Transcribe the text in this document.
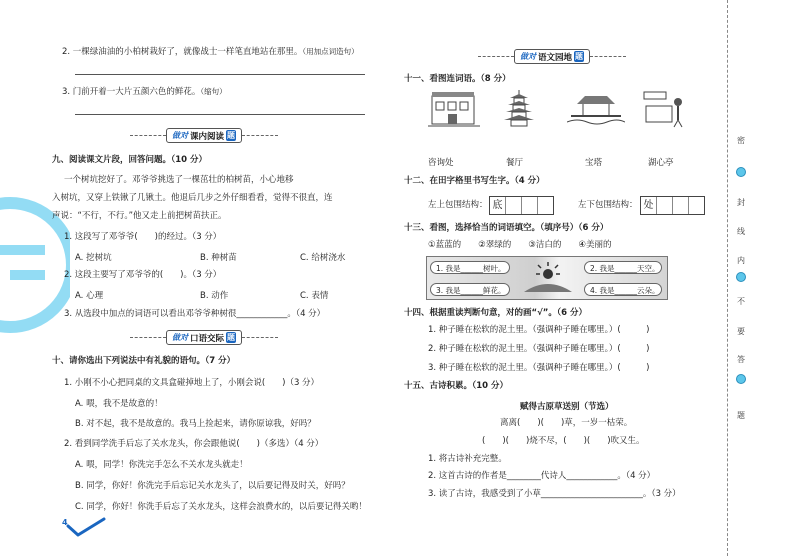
2. 一棵绿油油的小柏树栽好了，就像战士一样笔直地站在那里。（用加点词造句）
3. 门前开着一大片五颜六色的鲜花。（缩句）
做对 课内阅读 题
九、阅读课文片段，回答问题。（10 分）
一个树坑挖好了。邓爷爷挑选了一棵茁壮的柏树苗，小心地移
入树坑，又穿上铁锹了几锹土。他退后几步之外仔细看看，觉得不很直，连
声说：“不行，不行。”他又走上前把树苗扶正。
1. 这段写了邓爷爷(　　)的经过。（3 分）
A. 挖树坑	B. 种树苗	C. 给树浇水
2. 这段主要写了邓爷爷的(　　)。（3 分）
A. 心理	B. 动作	C. 表情
3. 从选段中加点的词语可以看出邓爷爷种树很____________。（4 分）
做对 口语交际 题
十、请你选出下列说法中有礼貌的语句。（7 分）
1. 小刚不小心把同桌的文具盒碰掉地上了，小刚会说(　　)（3 分）
A. 喂，我不是故意的！
B. 对不起，我不是故意的。我马上捡起来，请你原谅我，好吗？
2. 看到同学洗手后忘了关水龙头，你会跟他说(　　)（多选）（4 分）
A. 喂，同学！你洗完手怎么不关水龙头就走！
B. 同学，你好！你洗完手后忘记关水龙头了，以后要记得及时关，好吗？
C. 同学，你好！你洗手后忘了关水龙头，这样会浪费水的，以后要记得关哟！
4
做对 语文园地 题
十一、看图连词语。（8 分）
咨询处	餐厅	宝塔	湖心亭
十二、在田字格里书写生字。（4 分）
左上包围结构： 底	左下包围结构： 处
十三、看图，选择恰当的词语填空。（填序号）（6 分）
①蓝蓝的　　②翠绿的　　③洁白的　　④美丽的
1. 我是______树叶。	2. 我是______天空。
3. 我是______鲜花。	4. 我是______云朵。
十四、根据重读判断句意，对的画“√”。（6 分）
1. 种子睡在松软的泥土里。（强调种子睡在哪里。）(　　　)
2. 种子睡在松软的泥土里。（强调种子睡在哪里。）(　　　)
3. 种子睡在松软的泥土里。（强调种子睡在哪里。）(　　　)
十五、古诗积累。（10 分）
赋得古原草送别（节选）
离离(　　)(　　)草，一岁一枯荣。
(　　)(　　)烧不尽，(　　)(　　)吹又生。
1. 将古诗补充完整。
2. 这首古诗的作者是________代诗人____________。（4 分）
3. 读了古诗，我感受到了小草________________________。（3 分）
密
封
线
内
不
要
答
题
